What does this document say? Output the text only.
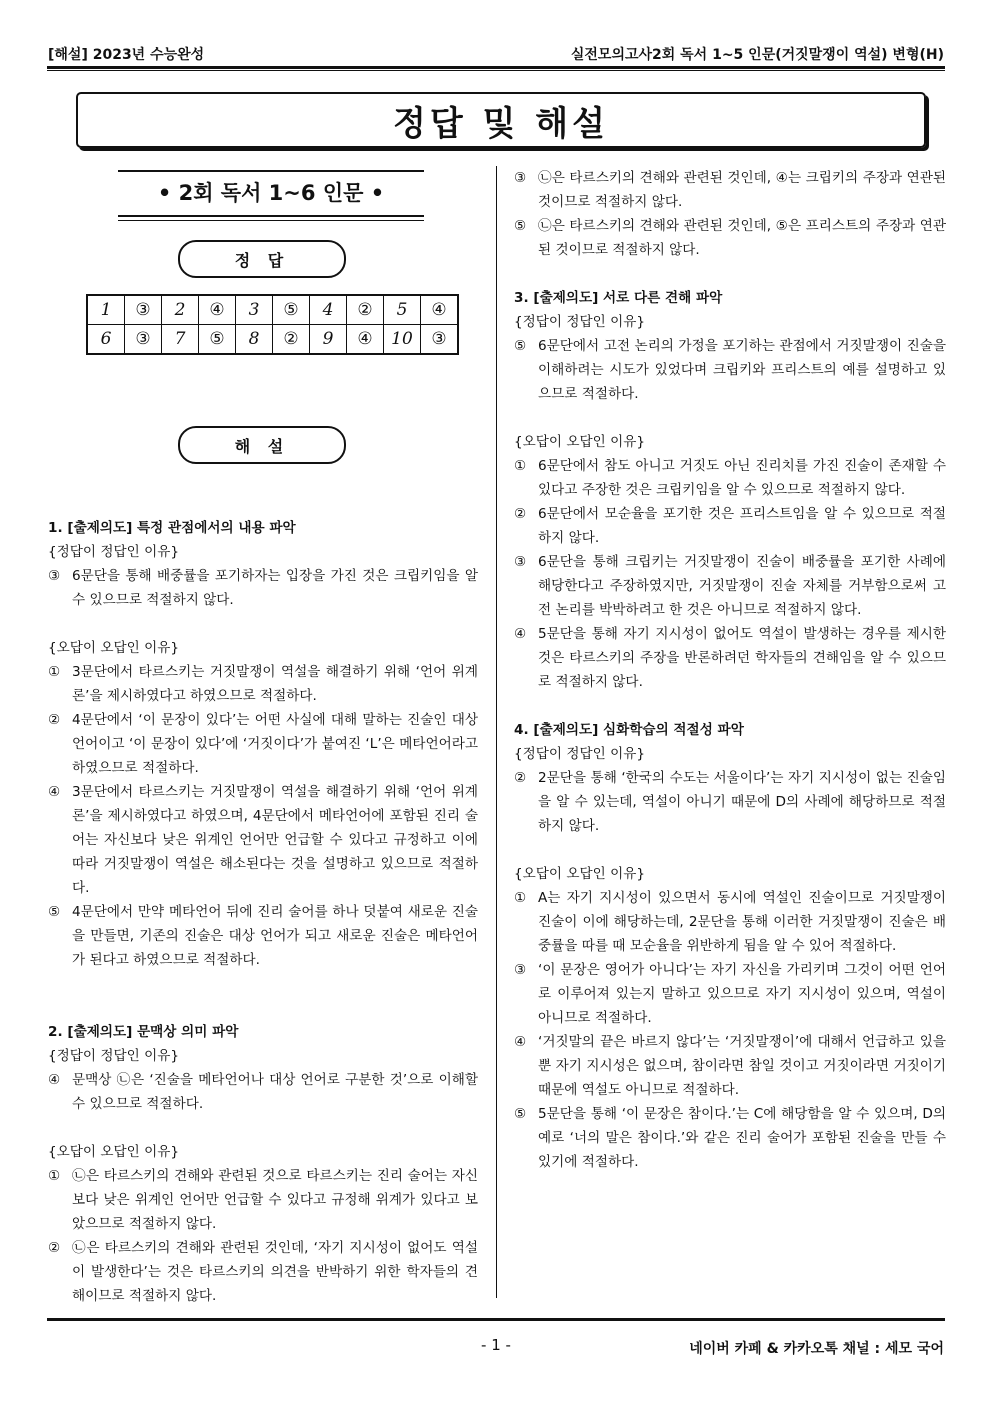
[해설] 2023년 수능완성	실전모의고사2회 독서 1~5 인문(거짓말쟁이 역설) 변형(H)
정답 및 해설
• 2회 독서 1~6 인문 •
정 답
1	③	2	④	3	⑤	4	②	5	④
6	③	7	⑤	8	②	9	④	10	③
해 설
1. [출제의도] 특정 관점에서의 내용 파악
{정답이 정답인 이유}
③ 6문단을 통해 배중률을 포기하자는 입장을 가진 것은 크립키임을 알 수 있으므로 적절하지 않다.
{오답이 오답인 이유}
① 3문단에서 타르스키는 거짓말쟁이 역설을 해결하기 위해 ‘언어 위계론’을 제시하였다고 하였으므로 적절하다.
② 4문단에서 ‘이 문장이 있다’는 어떤 사실에 대해 말하는 진술인 대상 언어이고 ‘이 문장이 있다’에 ‘거짓이다’가 붙여진 ‘L’은 메타언어라고 하였으므로 적절하다.
④ 3문단에서 타르스키는 거짓말쟁이 역설을 해결하기 위해 ‘언어 위계론’을 제시하였다고 하였으며, 4문단에서 메타언어에 포함된 진리 술어는 자신보다 낮은 위계인 언어만 언급할 수 있다고 규정하고 이에 따라 거짓말쟁이 역설은 해소된다는 것을 설명하고 있으므로 적절하다.
⑤ 4문단에서 만약 메타언어 뒤에 진리 술어를 하나 덧붙여 새로운 진술을 만들면, 기존의 진술은 대상 언어가 되고 새로운 진술은 메타언어가 된다고 하였으므로 적절하다.
2. [출제의도] 문맥상 의미 파악
{정답이 정답인 이유}
④ 문맥상 ㉡은 ‘진술을 메타언어나 대상 언어로 구분한 것’으로 이해할 수 있으므로 적절하다.
{오답이 오답인 이유}
① ㉡은 타르스키의 견해와 관련된 것으로 타르스키는 진리 술어는 자신보다 낮은 위계인 언어만 언급할 수 있다고 규정해 위계가 있다고 보았으므로 적절하지 않다.
② ㉡은 타르스키의 견해와 관련된 것인데, ‘자기 지시성이 없어도 역설이 발생한다’는 것은 타르스키의 의견을 반박하기 위한 학자들의 견해이므로 적절하지 않다.
③ ㉡은 타르스키의 견해와 관련된 것인데, ④는 크립키의 주장과 연관된 것이므로 적절하지 않다.
⑤ ㉡은 타르스키의 견해와 관련된 것인데, ⑤은 프리스트의 주장과 연관된 것이므로 적절하지 않다.
3. [출제의도] 서로 다른 견해 파악
{정답이 정답인 이유}
⑤ 6문단에서 고전 논리의 가정을 포기하는 관점에서 거짓말쟁이 진술을 이해하려는 시도가 있었다며 크립키와 프리스트의 예를 설명하고 있으므로 적절하다.
{오답이 오답인 이유}
① 6문단에서 참도 아니고 거짓도 아닌 진리치를 가진 진술이 존재할 수 있다고 주장한 것은 크립키임을 알 수 있으므로 적절하지 않다.
② 6문단에서 모순율을 포기한 것은 프리스트임을 알 수 있으므로 적절하지 않다.
③ 6문단을 통해 크립키는 거짓말쟁이 진술이 배중률을 포기한 사례에 해당한다고 주장하였지만, 거짓말쟁이 진술 자체를 거부함으로써 고전 논리를 박박하려고 한 것은 아니므로 적절하지 않다.
④ 5문단을 통해 자기 지시성이 없어도 역설이 발생하는 경우를 제시한 것은 타르스키의 주장을 반론하려던 학자들의 견해임을 알 수 있으므로 적절하지 않다.
4. [출제의도] 심화학습의 적절성 파악
{정답이 정답인 이유}
② 2문단을 통해 ‘한국의 수도는 서울이다’는 자기 지시성이 없는 진술임을 알 수 있는데, 역설이 아니기 때문에 D의 사례에 해당하므로 적절하지 않다.
{오답이 오답인 이유}
① A는 자기 지시성이 있으면서 동시에 역설인 진술이므로 거짓말쟁이 진술이 이에 해당하는데, 2문단을 통해 이러한 거짓말쟁이 진술은 배중률을 따를 때 모순율을 위반하게 됨을 알 수 있어 적절하다.
③ ‘이 문장은 영어가 아니다’는 자기 자신을 가리키며 그것이 어떤 언어로 이루어져 있는지 말하고 있으므로 자기 지시성이 있으며, 역설이 아니므로 적절하다.
④ ‘거짓말의 끝은 바르지 않다’는 ‘거짓말쟁이’에 대해서 언급하고 있을 뿐 자기 지시성은 없으며, 참이라면 참일 것이고 거짓이라면 거짓이기 때문에 역설도 아니므로 적절하다.
⑤ 5문단을 통해 ‘이 문장은 참이다.’는 C에 해당함을 알 수 있으며, D의 예로 ‘너의 말은 참이다.’와 같은 진리 술어가 포함된 진술을 만들 수 있기에 적절하다.
- 1 -	네이버 카페 & 카카오톡 채널 : 세모 국어
